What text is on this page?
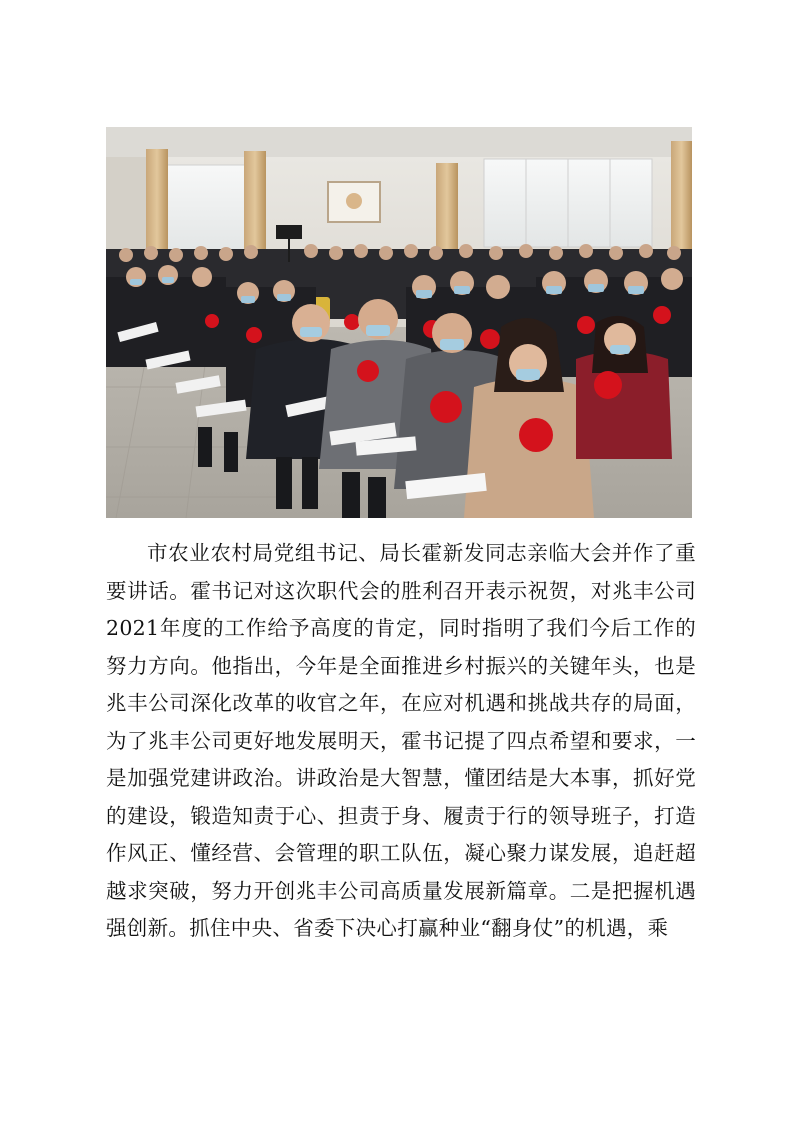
市农业农村局党组书记、局长霍新发同志亲临大会并作了重要讲话。霍书记对这次职代会的胜利召开表示祝贺，对兆丰公司2021年度的工作给予高度的肯定，同时指明了我们今后工作的努力方向。他指出，今年是全面推进乡村振兴的关键年头，也是兆丰公司深化改革的收官之年，在应对机遇和挑战共存的局面，为了兆丰公司更好地发展明天，霍书记提了四点希望和要求，一是加强党建讲政治。讲政治是大智慧，懂团结是大本事，抓好党的建设，锻造知责于心、担责于身、履责于行的领导班子，打造作风正、懂经营、会管理的职工队伍，凝心聚力谋发展，追赶超越求突破，努力开创兆丰公司高质量发展新篇章。二是把握机遇强创新。抓住中央、省委下决心打赢种业“翻身仗”的机遇，乘
